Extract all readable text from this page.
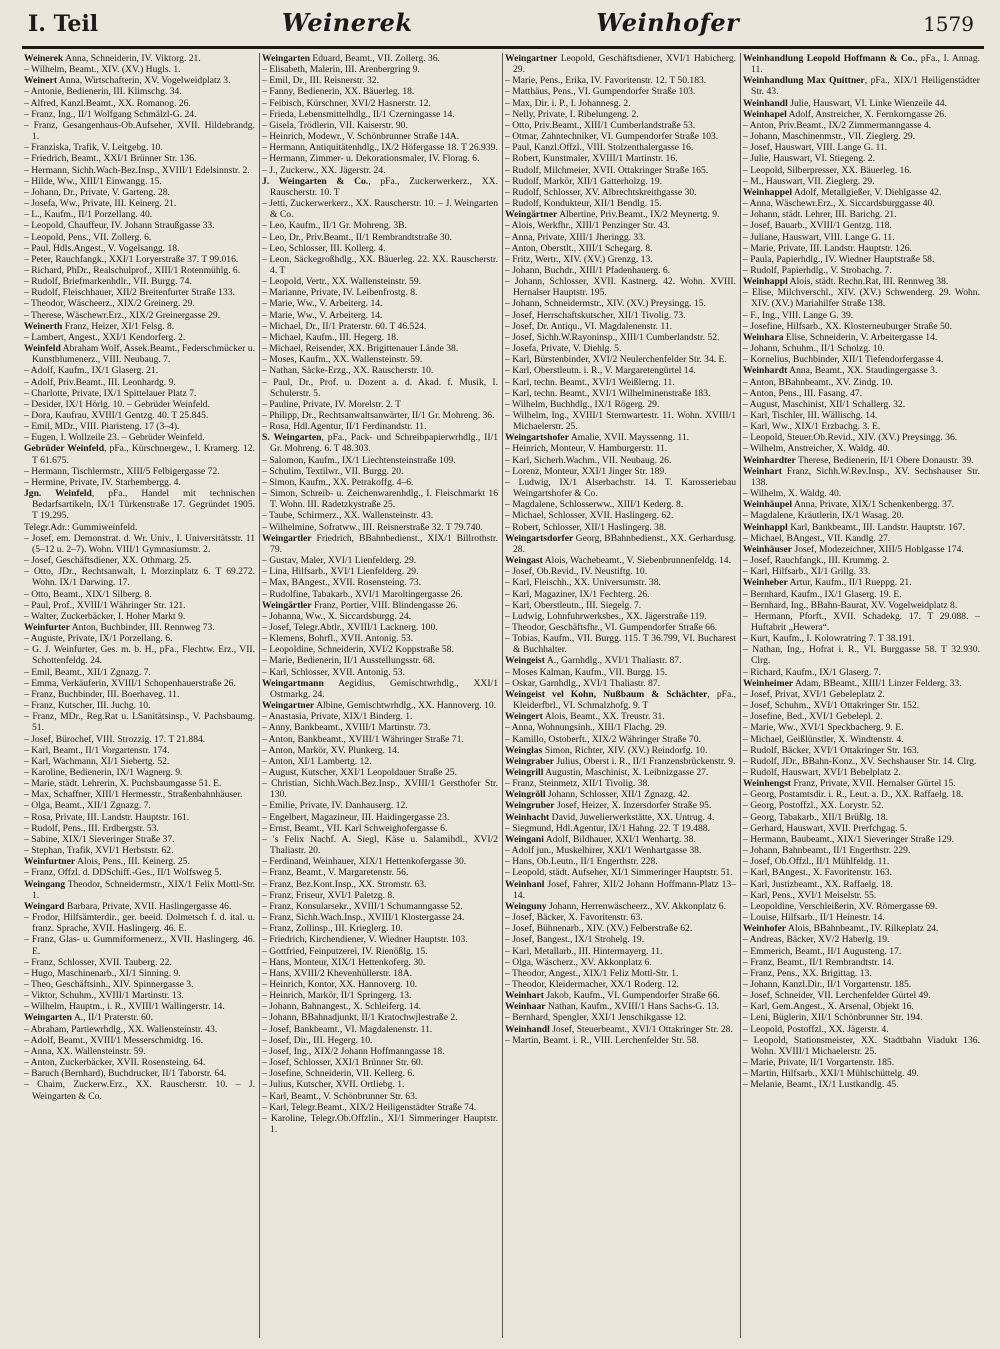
I. Teil	Weinerek	Weinhofer	1579

Weinerek Anna, Schneiderin, IV. Viktorg. 21.

– Wilhelm, Beamt., XIV. (XV.) Hugls. 1.

Weinert Anna, Wirtschafterin, XV. Vogelweidplatz 3.

– Antonie, Bedienerin, III. Klimschg. 34.

– Alfred, Kanzl.Beamt., XX. Romanog. 26.

– Franz, Ing., II/1 Wolfgang Schmälzl-G. 24.

– Franz, Gesangenhaus-Ob.Aufseher, XVII. Hildebrandg. 1.

– Franziska, Trafik, V. Leitgebg. 10.

– Friedrich, Beamt., XXI/1 Brünner Str. 136.

– Hermann, Sichh.Wach-Bez.Insp., XVIII/1 Edelsinnstr. 2.

– Hilde, Ww., XIII/1 Einwangg. 15.

– Johann, Dr., Private, V. Garteng. 28.

– Josefa, Ww., Private, III. Keinerg. 21.

– L., Kaufm., II/1 Porzellang. 40.

– Leopold, Chauffeur, IV. Johann Straußgasse 33.

– Leopold, Pens., VII. Zollerg. 6.

– Paul, Hdls.Angest., V. Vogelsangg. 18.

– Peter, Rauchfangk., XXI/1 Loryerstraße 37. T 99.016.

– Richard, PhDr., Realschulprof., XIII/1 Rotenmühlg. 6.

– Rudolf, Briefmarkenhdlr., VII. Burgg. 74.

– Rudolf, Fleischhauer, XII/2 Breitenfurter Straße 133.

– Theodor, Wäscheerz., XIX/2 Greinerg. 29.

– Therese, Wäschewr.Erz., XIX/2 Greinergasse 29.

Weinerth Franz, Heizer, XI/1 Felsg. 8.

– Lambert, Angest., XXI/1 Kendorferg. 2.

Weinfeld Abraham Wolf, Assek.Beamt., Federschmücker u. Kunstblumenerz., VIII. Neubaug. 7.

– Adolf, Kaufm., IX/1 Glaserg. 21.

– Adolf, Priv.Beamt., III. Leonhardg. 9.

– Charlotte, Private, IX/1 Spittelauer Platz 7.

– Desider, IX/1 Hörlg. 10. – Gebrüder Weinfeld.

– Dora, Kaufrau, XVIII/1 Gentzg. 40. T 25.845.

– Emil, MDr., VIII. Piaristeng. 17 (3–4).

– Eugen, I. Wollzeile 23. – Gebrüder Weinfeld.

Gebrüder Weinfeld, pFa., Kürschnergew., I. Kramerg. 12. T 61.675.

– Hermann, Tischlermstr., XIII/5 Felbigergasse 72.

– Hermine, Private, IV. Starhembergg. 4.

Jgn. Weinfeld, pFa., Handel mit technischen Bedarfsartikeln, IX/1 Türkenstraße 17. Gegründet 1905. T 19.295.

Telegr.Adr.: Gummiweinfeld.

– Josef, em. Demonstrat. d. Wr. Univ., I. Universitätsstr. 11 (5–12 u. 2–7). Wohn. VIII/1 Gymnasiumstr. 2.

– Josef, Geschäftsdiener, XX. Othmarg. 25.

– Otto, JDr., Rechtsanwalt, I. Morzinplatz 6. T 69.272. Wohn. IX/1 Darwing. 17.

– Otto, Beamt., XIX/1 Silberg. 8.

– Paul, Prof., XVIII/1 Währinger Str. 121.

– Walter, Zuckerbäcker, I. Hoher Markt 9.

Weinfurter Anton, Buchbinder, III. Rennweg 73.

– Auguste, Private, IX/1 Porzellang. 6.

– G. J. Weinfurter, Ges. m. b. H., pFa., Flechtw. Erz., VII. Schottenfeldg. 24.

– Emil, Beamt., XII/1 Zgnazg. 7.

– Emma, Verkäuferin, XVIII/1 Schopenhauerstraße 26.

– Franz, Buchbinder, III. Boerhaveg. 11.

– Franz, Kutscher, III. Juchg. 10.

– Franz, MDr., Reg.Rat u. LSanitätsinsp., V. Pachsbaumg. 51.

– Josef, Bürochef, VIII. Strozzig. 17. T 21.884.

– Karl, Beamt., II/1 Vorgartenstr. 174.

– Karl, Wachmann, XI/1 Siebertg. 52.

– Karoline, Bedienerin, IX/1 Wagnerg. 9.

– Marie, städt. Lehrerin, X. Puchsbaumgasse 51. E.

– Max, Schaffner, XIII/1 Hermesstr., Straßenbahnhäuser.

– Olga, Beamt., XII/1 Zgnazg. 7.

– Rosa, Private, III. Landstr. Hauptstr. 161.

– Rudolf, Pens., III. Erdbergstr. 53.

– Sabine, XIX/1 Sieveringer Straße 37.

– Stephan, Trafik, XVI/1 Herbststr. 62.

Weinfurtner Alois, Pens., III. Keinerg. 25.

– Franz, Offzl. d. DDSchiff.-Ges., II/1 Wolfsweg 5.

Weingang Theodor, Schneidermstr., XIX/1 Felix Mottl-Str. 1.

Weingard Barbara, Private, XVII. Haslingergasse 46.

– Frodor, Hilfsämterdir., ger. beeid. Dolmetsch f. d. ital. u. franz. Sprache, XVII. Haslingerg. 46. E.

– Franz, Glas- u. Gummiformenerz., XVII. Haslingerg. 46. E.

– Franz, Schlosser, XVII. Tauberg. 22.

– Hugo, Maschinenarb., XI/1 Sinning. 9.

– Theo, Geschäftsinh., XIV. Spinnergasse 3.

– Viktor, Schuhm., XVIII/1 Martinstr. 13.

– Wilhelm, Hauptm., i. R., XVIII/1 Wallingerstr. 14.

Weingarten A., II/1 Praterstr. 60.

– Abraham, Partiewrhdlg., XX. Wallensteinstr. 43.

– Adolf, Beamt., XVIII/1 Messerschmidtg. 16.

– Anna, XX. Wallensteinstr. 59.

– Anton, Zuckerbäcker, XVII. Rosensteing. 64.

– Baruch (Bernhard), Buchdrucker, II/1 Taborstr. 64.

– Chaim, Zuckerw.Erz., XX. Rauscherstr. 10. – J. Weingarten & Co.

Weingarten Eduard, Beamt., VII. Zollerg. 36.

– Elisabeth, Malerin, III. Arenbergring 9.

– Emil, Dr., III. Reisnerstr. 32.

– Fanny, Bedienerin, XX. Bäuerleg. 18.

– Feibisch, Kürschner, XVI/2 Hasnerstr. 12.

– Frieda, Lebensmittelhdlg., II/1 Czerningasse 14.

– Gisela, Trödlerin, VII. Kaiserstr. 90.

– Heinrich, Modewr., V. Schönbrunner Straße 14A.

– Hermann, Antiquitätenhdlg., IX/2 Höfergasse 18. T 26.939.

– Hermann, Zimmer- u. Dekorationsmaler, IV. Florag. 6.

– J., Zuckerw., XX. Jägerstr. 24.

J. Weingarten & Co., pFa., Zuckerwerkerz., XX. Rauscherstr. 10. T

– Jetti, Zuckerwerkerz., XX. Rauscherstr. 10. – J. Weingarten & Co.

– Leo, Kaufm., II/1 Gr. Mohreng. 3B.

– Leo, Dr., Priv.Beamt., II/1 Rembrandtstraße 30.

– Leo, Schlosser, III. Kollerg. 4.

– Leon, Säckegroßhdlg., XX. Bäuerleg. 22. XX. Rauscherstr. 4. T

– Leopold, Vertr., XX. Wallensteinstr. 59.

– Marianne, Private, IV. Leibenfrostg. 8.

– Marie, Ww., V. Arbeiterg. 14.

– Marie, Ww., V. Arbeiterg. 14.

– Michael, Dr., II/1 Praterstr. 60. T 46.524.

– Michael, Kaufm., III. Hegerg. 18.

– Michael, Reisender, XX. Brigittenauer Lände 38.

– Moses, Kaufm., XX. Wallensteinstr. 59.

– Nathan, Säcke-Erzg., XX. Rauscherstr. 10.

– Paul, Dr., Prof. u. Dozent a. d. Akad. f. Musik, I. Schulerstr. 5.

– Pauline, Private, IV. Morelstr. 2. T

– Philipp, Dr., Rechtsanwaltsanwärter, II/1 Gr. Mohreng. 36.

– Rosa, Hdl.Agentur, II/1 Ferdinandstr. 11.

S. Weingarten, pFa., Pack- und Schreibpapierwrhdlg., II/1 Gr. Mohreng. 6. T 48.303.

– Salomon, Kaufm., IX/1 Liechtensteinstraße 109.

– Schulim, Textilwr., VII. Burgg. 20.

– Simon, Kaufm., XX. Petrakoffg. 4–6.

– Simon, Schreib- u. Zeichenwarenhdlg., I. Fleischmarkt 16 T. Wohn. III. Radetzkystraße 25.

– Taube, Schirmerz., XX. Wallensteinstr. 43.

– Wilhelmine, Sofratww., III. Reisnerstraße 32. T 79.740.

Weingartler Friedrich, BBahnbedienst., XIX/1 Billrothstr. 79.

– Gustav, Maler, XVI/1 Lienfelderg. 29.

– Lina, Hilfsarb., XVI/1 Lienfelderg. 29.

– Max, BAngest., XVII. Rosensteing. 73.

– Rudolfine, Tabakarb., XVI/1 Maroltingergasse 26.

Weingärtler Franz, Portier, VIII. Blindengasse 26.

– Johanna, Ww., X. Siccardsburgg. 24.

– Josef, Telegr.Abtlr., XVIII/1 Lacknerg. 100.

– Klemens, Bohrfl., XVII. Antonig. 53.

– Leopoldine, Schneiderin, XVI/2 Koppstraße 58.

– Marie, Bedienerin, II/1 Ausstellungsstr. 68.

– Karl, Schlosser, XVII. Antonig. 53.

Weingartmann Aegidius, Gemischtwrhdlg., XXI/1 Ostmarkg. 24.

Weingartner Albine, Gemischtwrhdlg., XX. Hannoverg. 10.

– Anastasia, Private, XIX/1 Binderg. 1.

– Anny, Bankbeamt., XVIII/1 Martinstr. 73.

– Anton, Bankbeamt., XVIII/1 Währinger Straße 71.

– Anton, Markör, XV. Plunkerg. 14.

– Anton, XI/1 Lambertg. 12.

– August, Kutscher, XXI/1 Leopoldauer Straße 25.

– Christian, Sichh.Wach.Bez.Insp., XVIII/1 Gersthofer Str. 130.

– Emilie, Private, IV. Danhauserg. 12.

– Engelbert, Magazineur, III. Haidingergasse 23.

– Ernst, Beamt., VII. Karl Schweighofergasse 6.

– 's Felix Nachf. A. Siegl, Käse u. Salamihdl., XVI/2 Thaliastr. 20.

– Ferdinand, Weinhauer, XIX/1 Hettenkofergasse 30.

– Franz, Beamt., V. Margaretenstr. 56.

– Franz, Bez.Kont.Insp., XX. Stromstr. 63.

– Franz, Friseur, XVI/1 Paletzg. 8.

– Franz, Konsularsekr., XVIII/1 Schumanngasse 52.

– Franz, Sichh.Wach.Insp., XVIII/1 Klostergasse 24.

– Franz, Zollinsp., III. Krieglerg. 10.

– Friedrich, Kirchendiener, V. Wiedner Hauptstr. 103.

– Gottfried, Feinputzerei, IV. Rienößlg. 15.

– Hans, Monteur, XIX/1 Hettenkoferg. 30.

– Hans, XVIII/2 Khevenhüllerstr. 18A.

– Heinrich, Kontor, XX. Hannoverg. 10.

– Heinrich, Markör, II/1 Springerg. 13.

– Johann, Bahnangest., X. Schleiferg. 14.

– Johann, BBahnadjunkt, II/1 Kratochwjlestraße 2.

– Josef, Bankbeamt., VI. Magdalenenstr. 11.

– Josef, Dir., III. Hegerg. 10.

– Josef, Ing., XIX/2 Johann Hoffmanngasse 18.

– Josef, Schlosser, XXI/1 Brünner Str. 60.

– Josefine, Schneiderin, VII. Kellerg. 6.

– Julius, Kutscher, XVII. Ortliebg. 1.

– Karl, Beamt., V. Schönbrunner Str. 63.

– Karl, Telegr.Beamt., XIX/2 Heiligenstädter Straße 74.

– Karoline, Telegr.Ob.Offzlin., XI/1 Simmeringer Hauptstr. 1.

Weingartner Leopold, Geschäftsdiener, XVI/1 Habicherg. 29.

– Marie, Pens., Erika, IV. Favoritenstr. 12. T 50.183.

– Matthäus, Pens., VI. Gumpendorfer Straße 103.

– Max, Dir. i. P., I. Johannesg. 2.

– Nelly, Private, I. Ribelungeng. 2.

– Otto, Priv.Beamt., XIII/1 Cumberlandstraße 53.

– Otmar, Zahntechniker, VI. Gumpendorfer Straße 103.

– Paul, Kanzl.Offzl., VIII. Stolzenthalergasse 16.

– Robert, Kunstmaler, XVIII/1 Martinstr. 16.

– Rudolf, Milchmeier, XVII. Ottakringer Straße 165.

– Rudolf, Markör, XII/1 Gatterholzg. 19.

– Rudolf, Schlosser, XV. Albrechtskreithgasse 30.

– Rudolf, Kondukteur, XII/1 Bendlg. 15.

Weingärtner Albertine, Priv.Beamt., IX/2 Meynertg. 9.

– Alois, Werkfhr., XIII/1 Penzinger Str. 43.

– Anna, Private, XIII/1 Jheringg. 33.

– Anton, Oberstlt., XIII/1 Schegarg. 8.

– Fritz, Wertr., XIV. (XV.) Grenzg. 13.

– Johann, Buchdr., XIII/1 Pfadenhauerg. 6.

– Johann, Schlosser, XVII. Kastnerg. 42. Wohn. XVIII. Hernalser Hauptstr. 195.

– Johann, Schneidermstr., XIV. (XV.) Preysingg. 15.

– Josef, Herrschaftskutscher, XII/1 Tivolig. 73.

– Josef, Dr. Antiqu., VI. Magdalenenstr. 11.

– Josef, Sichh.W.Rayoninsp., XIII/1 Cumberlandstr. 52.

– Josefa, Private, V. Diehlg. 5.

– Karl, Bürstenbinder, XVI/2 Neulerchenfelder Str. 34. E.

– Karl, Oberstleutn. i. R., V. Margaretengürtel 14.

– Karl, techn. Beamt., XVI/1 Weißlerng. 11.

– Karl, techn. Beamt., XVI/1 Wilhelminenstraße 183.

– Wilhelm, Buchhdlg., IX/1 Rögerg. 29.

– Wilhelm, Ing., XVIII/1 Sternwartestr. 11. Wohn. XVIII/1 Michaelerstr. 25.

Weingartshofer Amalie, XVII. Mayssenng. 11.

– Heinrich, Monteur, V. Hamburgerstr. 11.

– Karl, Sicherh.Wachm., VII. Neubaug. 26.

– Lorenz, Monteur, XXI/1 Jinger Str. 189.

– Ludwig, IX/1 Alserbachstr. 14. T. Karosseriebau Weingartshofer & Co.

– Magdalene, Schlosserww., XIII/1 Kederg. 8.

– Michael, Schlosser, XVII. Haslingerg. 62.

– Robert, Schlosser, XII/1 Haslingerg. 38.

Weingartsdorfer Georg, BBahnbedienst., XX. Gerhardusg. 28.

Weingast Alois, Wachebeamt., V. Siebenbrunnenfeldg. 14.

– Josef, Ob.Revid., IV. Neustiftg. 10.

– Karl, Fleischh., XX. Universumstr. 38.

– Karl, Magaziner, IX/1 Fechterg. 26.

– Karl, Oberstleutn., III. Siegelg. 7.

– Ludwig, Lohnfuhrwerksbes., XX. Jägerstraße 119.

– Theodor, Geschäftsfhr., VI. Gumpendorfer Straße 66.

– Tobias, Kaufm., VII. Burgg. 115. T 36.799, VI. Bucharest & Buchhalter.

Weingeist A., Garnhdlg., XVI/1 Thaliastr. 87.

– Moses Kalman, Kaufm., VII. Burgg. 15.

– Oskar, Garnhdlg., XVI/1 Thaliastr. 87.

Weingeist vel Kohn, Nußbaum & Schächter, pFa., Kleiderfbrl., VI. Schmalzhofg. 9. T

Weingert Alois, Beamt., XX. Treustr. 31.

– Anna, Wohnungsinh., XIII/1 Flachg. 29.

– Kamillo, Ostoberft., XIX/2 Währinger Straße 70.

Weinglas Simon, Richter, XIV. (XV.) Reindorfg. 10.

Weingraber Julius, Oberst i. R., II/1 Franzensbrückenstr. 9.

Weingrill Augustin, Maschinist, X. Leibnizgasse 27.

– Franz, Steinmetz, XII/1 Tivolig. 38.

Weingröll Johann, Schlosser, XII/1 Zgnazg. 42.

Weingruber Josef, Heizer, X. Inzersdorfer Straße 95.

Weinhacht David, Juwelierwerkstätte, XX. Untrug. 4.

– Siegmund, Hdl.Agentur, IX/1 Hahng. 22. T 19.488.

Weingani Adolf, Bildhauer, XXI/1 Wenhartg. 38.

– Adolf jun., Muskelhirer, XXI/1 Wenhartgasse 38.

– Hans, Ob.Leutn., II/1 Engerthstr. 228.

– Leopold, städt. Aufseher, XI/1 Simmeringer Hauptstr. 51.

Weinhanl Josef, Fahrer, XII/2 Johann Hoffmann-Platz 13–14.

Weinguny Johann, Herrenwäscheerz., XV. Akkonplatz 6.

– Josef, Bäcker, X. Favoritenstr. 63.

– Josef, Bühnenarb., XIV. (XV.) Felberstraße 62.

– Josef, Bangest., IX/1 Strohelg. 19.

– Karl, Metallarb., III. Hintermayerg. 11.

– Olga, Wäscherz., XV. Akkonplatz 6.

– Theodor, Angest., XIX/1 Feliz Mottl-Str. 1.

– Theodor, Kleidermacher, XX/1 Roderg. 12.

Weinhart Jakob, Kaufm., VI. Gumpendorfer Straße 66.

Weinhaar Nathan, Kaufm., XVIII/1 Hans Sachs-G. 13.

– Bernhard, Spengler, XXI/1 Jenschikgasse 12.

Weinhandl Josef, Steuerbeamt., XVI/1 Ottakringer Str. 28.

– Martin, Beamt. i. R., VIII. Lerchenfelder Str. 58.

Weinhandlung Leopold Hoffmann & Co., pFa., I. Annag. 11.

Weinhandlung Max Quittner, pFa., XIX/1 Heiligenstädter Str. 43.

Weinhandl Julie, Hauswart, VI. Linke Wienzeile 44.

Weinhapel Adolf, Anstreicher, X. Fernkorngasse 26.

– Anton, Priv.Beamt., IX/2 Zimmermanngasse 4.

– Johann, Maschinenmstr., VII. Zieglerg. 29.

– Josef, Hauswart, VIII. Lange G. 11.

– Julie, Hauswart, VI. Stiegeng. 2.

– Leopold, Silberpresser, XX. Bäuerleg. 16.

– M., Hauswart, VII. Zieglerg. 29.

Weinhappel Adolf, Metallgießer, V. Diehlgasse 42.

– Anna, Wäschewr.Erz., X. Siccardsburggasse 40.

– Johann, städt. Lehrer, III. Barichg. 21.

– Josef, Bauarb., XVIII/1 Gentzg. 118.

– Juliane, Hauswart, VIII. Lange G. 11.

– Marie, Private, III. Landstr. Hauptstr. 126.

– Paula, Papierhdlg., IV. Wiedner Hauptstraße 58.

– Rudolf, Papierhdlg., V. Strobachg. 7.

Weinhappl Alois, städt. Rechn.Rat, III. Rennweg 38.

– Elise, Milchverschl., XIV. (XV.) Schwenderg. 29. Wohn. XIV. (XV.) Mariahilfer Straße 138.

– F., Ing., VIII. Lange G. 39.

– Josefine, Hilfsarb., XX. Klosterneuburger Straße 50.

Weinhara Elise, Schneiderin, V. Arbeitergasse 14.

– Johann, Schuhm., II/1 Scholzg. 10.

– Kornelius, Buchbinder, XII/1 Tiefendorfergasse 4.

Weinhardt Anna, Beamt., XX. Staudingergasse 3.

– Anton, BBahnbeamt., XV. Zindg. 10.

– Anton, Pens., III. Fasang. 47.

– August, Maschinist, XII/1 Schallerg. 32.

– Karl, Tischler, III. Wällischg. 14.

– Karl, Ww., XIX/1 Erzbachg. 3. E.

– Leopold, Steuer.Ob.Revid., XIV. (XV.) Preysingg. 36.

– Wilhelm, Anstreicher, X. Waldg. 40.

Weinhardter Therese, Bedienerin, II/1 Obere Donaustr. 39.

Weinhart Franz, Sichh.W.Rev.Insp., XV. Sechshauser Str. 138.

– Wilhelm, X. Waldg. 40.

Weinhäupel Anna, Private, XIX/1 Schenkenbergg. 37.

– Magdalene, Kräutlerin, IX/1 Wasag. 20.

Weinhappl Karl, Bankbeamt., III. Landstr. Hauptstr. 167.

– Michael, BAngest., VII. Kandlg. 27.

Weinhäuser Josef, Modezeichner, XIII/5 Hoblgasse 174.

– Josef, Rauchfangk., III. Krummg. 2.

– Karl, Hilfsarb., XI/1 Grillg. 33.

Weinheber Artur, Kaufm., II/1 Rueppg. 21.

– Bernhard, Kaufm., IX/1 Glaserg. 19. E.

– Bernhard, Ing., BBahn-Baurat, XV. Vogelweidplatz 8.

– Hermann, Pforft., XVII. Schadekg. 17. T 29.088. – Huftabrit „Hewera“.

– Kurt, Kaufm., I. Kolowratring 7. T 38.191.

– Nathan, Ing., Hofrat i. R., VI. Burggasse 58. T 32.930. Clrg.

– Richard, Kaufm., IX/1 Glaserg. 7.

Weinheimer Adam, BBeamt., XIII/1 Linzer Felderg. 33.

– Josef, Privat, XVI/1 Gebeleplatz 2.

– Josef, Schuhm., XVI/1 Ottakringer Str. 152.

– Josefine, Bed., XVI/1 Gebelepl. 2.

– Marie, Ww., XVI/1 Speckbacherg. 9. E.

– Michael, Geißlünstler, X. Windtenstr. 4.

– Rudolf, Bäcker, XVI/1 Ottakringer Str. 163.

– Rudolf, JDr., BBahn-Konz., XV. Sechshauser Str. 14. Clrg.

– Rudolf, Hauswart, XVI/1 Bebelplatz 2.

Weinhengst Franz, Private, XVII. Hernalser Gürtel 15.

– Georg, Postamtsdir. i. R., Leut. a. D., XX. Raffaelg. 18.

– Georg, Postoffzl., XX. Lorystr. 52.

– Georg, Tabakarb., XII/1 Brüßlg. 18.

– Gerhard, Hauswart, XVII. Prerfchgag. 5.

– Hermann, Baubeamt., XIX/1 Sieveringer Straße 129.

– Johann, Bahnbeamt., II/1 Engerthstr. 229.

– Josef, Ob.Offzl., II/1 Mühlfeldg. 11.

– Karl, BAngest., X. Favoritenstr. 163.

– Karl, Justizbeamt., XX. Raffaelg. 18.

– Karl, Pens., XVI/1 Meiselstr. 55.

– Leopoldine, Verschleißerin, XV. Römergasse 69.

– Louise, Hilfsarb., II/1 Heinestr. 14.

Weinhofer Alois, BBahnbeamt., IV. Rilkeplatz 24.

– Andreas, Bäcker, XV/2 Haberlg. 19.

– Emmerich, Beamt., II/1 Augusteng. 17.

– Franz, Beamt., II/1 Rembrandtstr. 14.

– Franz, Pens., XX. Brigittag. 13.

– Johann, Kanzl.Dir., II/1 Vorgartenstr. 185.

– Josef, Schneider, VII. Lerchenfelder Gürtel 49.

– Karl, Gem.Angest., X. Arsenal, Objekt 16.

– Leni, Büglerin, XII/1 Schönbrunner Str. 194.

– Leopold, Postoffzl., XX. Jägerstr. 4.

– Leopold, Stationsmeister, XX. Stadtbahn Viadukt 136. Wohn. XVIII/1 Michaelerstr. 25.

– Marie, Private, II/1 Vorgartenstr. 185.

– Martin, Hilfsarb., XXI/1 Mühlschüttelg. 49.

– Melanie, Beamt., IX/1 Lustkandlg. 45.
